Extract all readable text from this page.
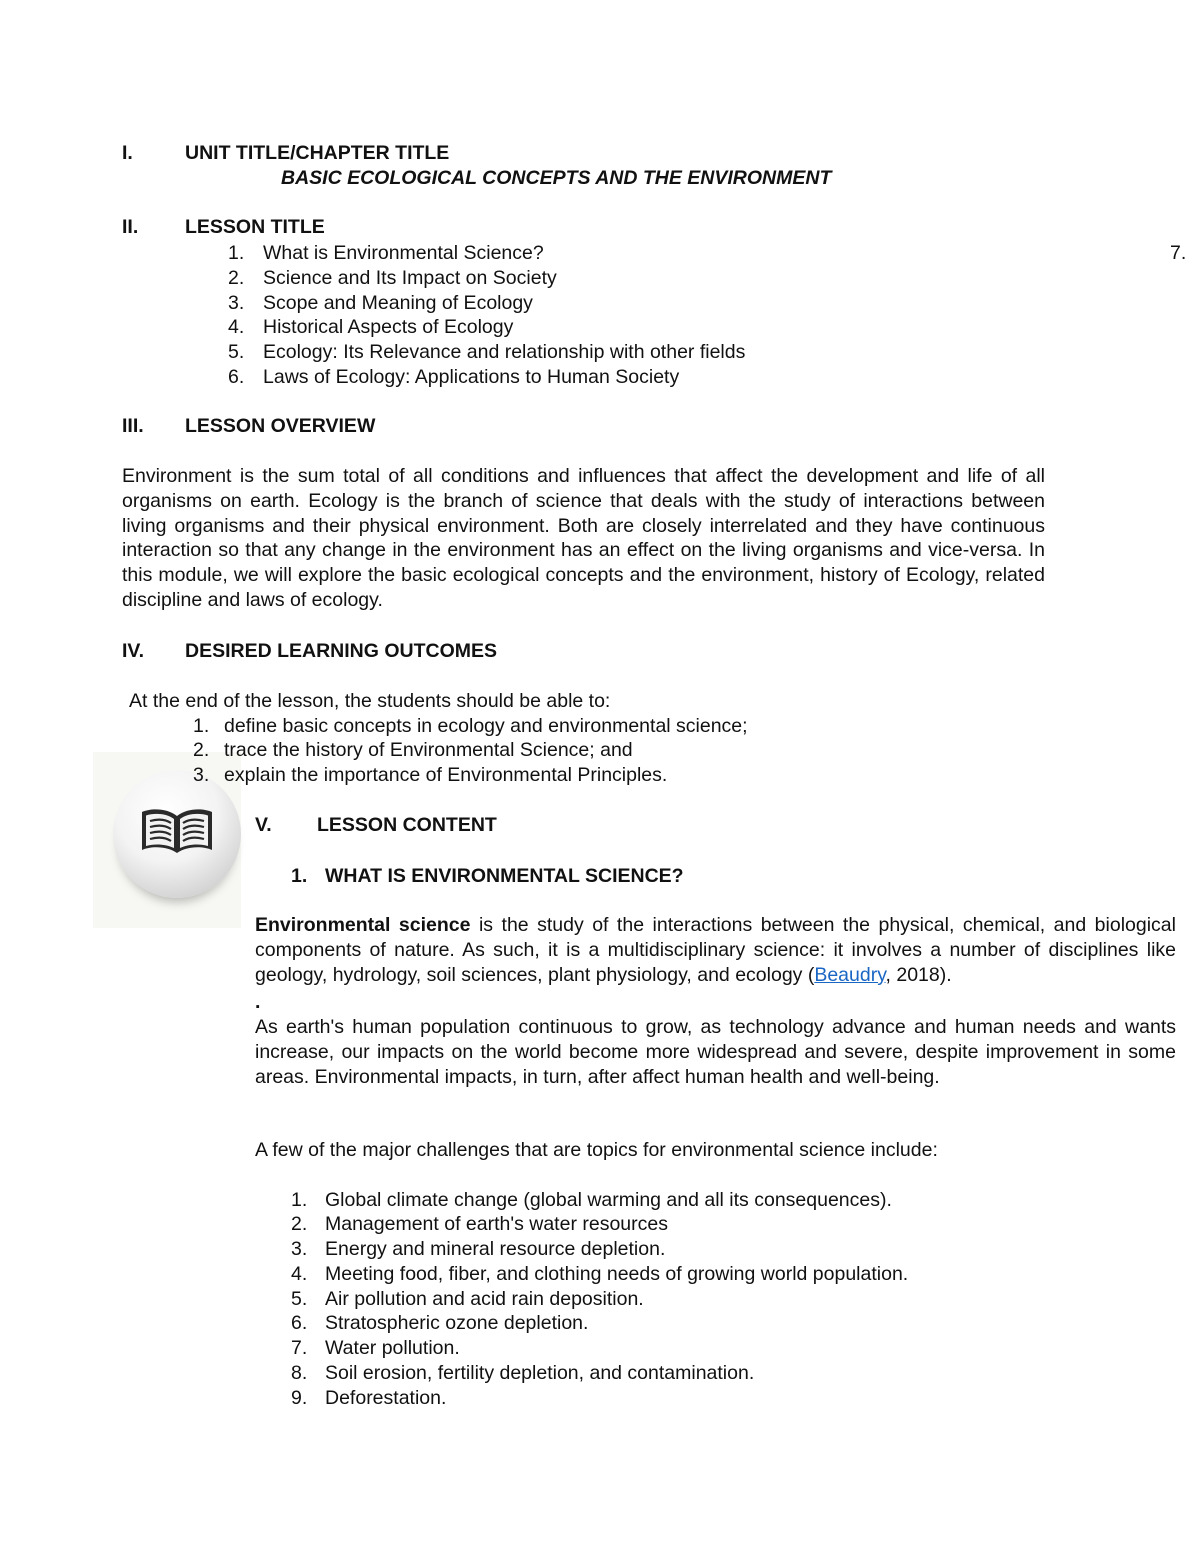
I.	UNIT TITLE/CHAPTER TITLE
BASIC ECOLOGICAL CONCEPTS AND THE ENVIRONMENT
II. LESSON TITLE
1. What is Environmental Science?
2. Science and Its Impact on Society
3. Scope and Meaning of Ecology
4. Historical Aspects of Ecology
5. Ecology: Its Relevance and relationship with other fields
6. Laws of Ecology: Applications to Human Society
7.
III. LESSON OVERVIEW
Environment is the sum total of all conditions and influences that affect the development and life of all organisms on earth. Ecology is the branch of science that deals with the study of interactions between living organisms and their physical environment. Both are closely interrelated and they have continuous interaction so that any change in the environment has an effect on the living organisms and vice-versa. In this module, we will explore the basic ecological concepts and the environment, history of Ecology, related discipline and laws of ecology.
IV. DESIRED LEARNING OUTCOMES
At the end of the lesson, the students should be able to:
1. define basic concepts in ecology and environmental science;
2. trace the history of Environmental Science; and
3. explain the importance of Environmental Principles.
V. LESSON CONTENT
1. WHAT IS ENVIRONMENTAL SCIENCE?
Environmental science is the study of the interactions between the physical, chemical, and biological components of nature. As such, it is a multidisciplinary science: it involves a number of disciplines like geology, hydrology, soil sciences, plant physiology, and ecology (Beaudry, 2018).
.
As earth's human population continuous to grow, as technology advance and human needs and wants increase, our impacts on the world become more widespread and severe, despite improvement in some areas. Environmental impacts, in turn, after affect human health and well-being.
A few of the major challenges that are topics for environmental science include:
1. Global climate change (global warming and all its consequences).
2. Management of earth's water resources
3. Energy and mineral resource depletion.
4. Meeting food, fiber, and clothing needs of growing world population.
5. Air pollution and acid rain deposition.
6. Stratospheric ozone depletion.
7. Water pollution.
8. Soil erosion, fertility depletion, and contamination.
9. Deforestation.
